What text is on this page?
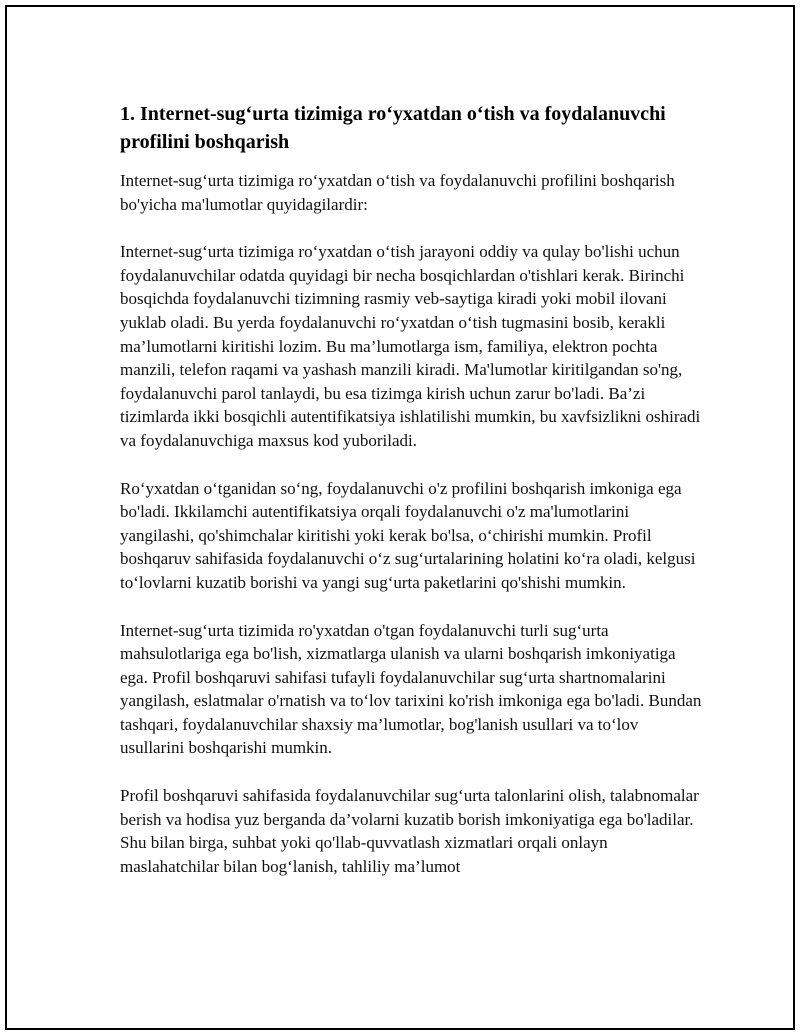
1. Internet-sug‘urta tizimiga ro‘yxatdan o‘tish va foydalanuvchi profilini boshqarish

Internet-sug‘urta tizimiga ro‘yxatdan o‘tish va foydalanuvchi profilini boshqarish bo'yicha ma'lumotlar quyidagilardir:

Internet-sug‘urta tizimiga ro‘yxatdan o‘tish jarayoni oddiy va qulay bo'lishi uchun foydalanuvchilar odatda quyidagi bir necha bosqichlardan o'tishlari kerak. Birinchi bosqichda foydalanuvchi tizimning rasmiy veb-saytiga kiradi yoki mobil ilovani yuklab oladi. Bu yerda foydalanuvchi ro‘yxatdan o‘tish tugmasini bosib, kerakli ma’lumotlarni kiritishi lozim. Bu ma’lumotlarga ism, familiya, elektron pochta manzili, telefon raqami va yashash manzili kiradi. Ma'lumotlar kiritilgandan so'ng, foydalanuvchi parol tanlaydi, bu esa tizimga kirish uchun zarur bo'ladi. Ba’zi tizimlarda ikki bosqichli autentifikatsiya ishlatilishi mumkin, bu xavfsizlikni oshiradi va foydalanuvchiga maxsus kod yuboriladi.

Ro‘yxatdan o‘tganidan so‘ng, foydalanuvchi o'z profilini boshqarish imkoniga ega bo'ladi. Ikkilamchi autentifikatsiya orqali foydalanuvchi o'z ma'lumotlarini yangilashi, qo'shimchalar kiritishi yoki kerak bo'lsa, o‘chirishi mumkin. Profil boshqaruv sahifasida foydalanuvchi o‘z sug‘urtalarining holatini ko‘ra oladi, kelgusi to‘lovlarni kuzatib borishi va yangi sug‘urta paketlarini qo'shishi mumkin.

Internet-sug‘urta tizimida ro'yxatdan o'tgan foydalanuvchi turli sug‘urta mahsulotlariga ega bo'lish, xizmatlarga ulanish va ularni boshqarish imkoniyatiga ega. Profil boshqaruvi sahifasi tufayli foydalanuvchilar sug‘urta shartnomalarini yangilash, eslatmalar o'rnatish va to‘lov tarixini ko'rish imkoniga ega bo'ladi. Bundan tashqari, foydalanuvchilar shaxsiy ma’lumotlar, bog'lanish usullari va to‘lov usullarini boshqarishi mumkin.

Profil boshqaruvi sahifasida foydalanuvchilar sug‘urta talonlarini olish, talabnomalar berish va hodisa yuz berganda da’volarni kuzatib borish imkoniyatiga ega bo'ladilar. Shu bilan birga, suhbat yoki qo'llab-quvvatlash xizmatlari orqali onlayn maslahatchilar bilan bog‘lanish, tahliliy ma’lumot
